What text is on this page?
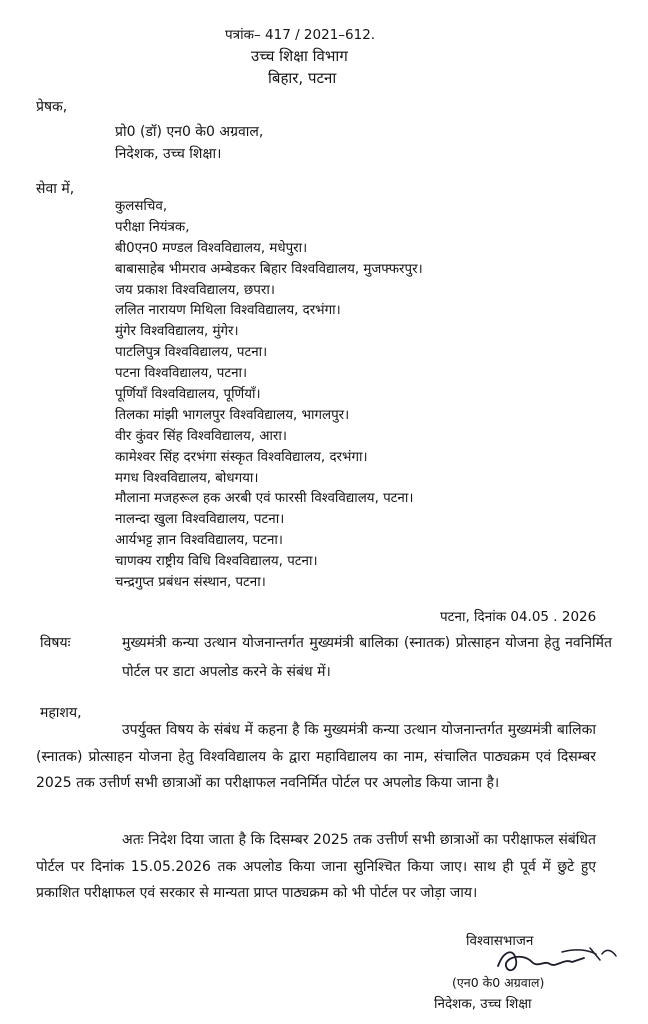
पत्रांक– 417 / 2021–612.
उच्च शिक्षा विभाग
बिहार, पटना
प्रेषक,
प्रो0 (डॉ) एन0 के0 अग्रवाल,
निदेशक, उच्च शिक्षा।
सेवा में,
कुलसचिव,
परीक्षा नियंत्रक,
बी0एन0 मण्डल विश्वविद्यालय, मधेपुरा।
बाबासाहेब भीमराव अम्बेडकर बिहार विश्वविद्यालय, मुजफ्फरपुर।
जय प्रकाश विश्वविद्यालय, छपरा।
ललित नारायण मिथिला विश्वविद्यालय, दरभंगा।
मुंगेर विश्वविद्यालय, मुंगेर।
पाटलिपुत्र विश्वविद्यालय, पटना।
पटना विश्वविद्यालय, पटना।
पूर्णियाँ विश्वविद्यालय, पूर्णियाँ।
तिलका मांझी भागलपुर विश्वविद्यालय, भागलपुर।
वीर कुंवर सिंह विश्वविद्यालय, आरा।
कामेश्वर सिंह दरभंगा संस्कृत विश्वविद्यालय, दरभंगा।
मगध विश्वविद्यालय, बोधगया।
मौलाना मजहरूल हक अरबी एवं फारसी विश्वविद्यालय, पटना।
नालन्दा खुला विश्वविद्यालय, पटना।
आर्यभट्ट ज्ञान विश्वविद्यालय, पटना।
चाणक्य राष्ट्रीय विधि विश्वविद्यालय, पटना।
चन्द्रगुप्त प्रबंधन संस्थान, पटना।
पटना, दिनांक 04.05 . 2026
विषयः	मुख्यमंत्री कन्या उत्थान योजनान्तर्गत मुख्यमंत्री बालिका (स्नातक) प्रोत्साहन योजना हेतु नवनिर्मित पोर्टल पर डाटा अपलोड करने के संबंध में।
महाशय,
उपर्युक्त विषय के संबंध में कहना है कि मुख्यमंत्री कन्या उत्थान योजनान्तर्गत मुख्यमंत्री बालिका (स्नातक) प्रोत्साहन योजना हेतु विश्वविद्यालय के द्वारा महाविद्यालय का नाम, संचालित पाठ्यक्रम एवं दिसम्बर 2025 तक उत्तीर्ण सभी छात्राओं का परीक्षाफल नवनिर्मित पोर्टल पर अपलोड किया जाना है।
अतः निदेश दिया जाता है कि दिसम्बर 2025 तक उत्तीर्ण सभी छात्राओं का परीक्षाफल संबंधित पोर्टल पर दिनांक 15.05.2026 तक अपलोड किया जाना सुनिश्चित किया जाए। साथ ही पूर्व में छुटे हुए प्रकाशित परीक्षाफल एवं सरकार से मान्यता प्राप्त पाठ्यक्रम को भी पोर्टल पर जोड़ा जाय।
विश्वासभाजन
(एन0 के0 अग्रवाल)
निदेशक, उच्च शिक्षा
